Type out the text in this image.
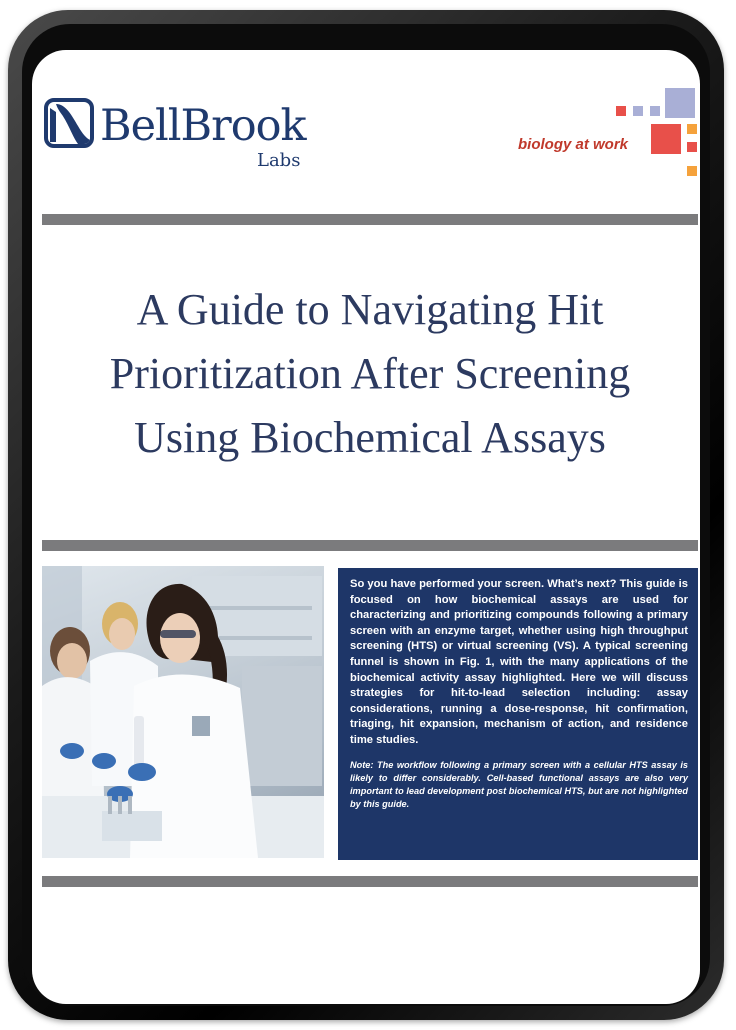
BellBrook
Labs
biology at work
A Guide to Navigating Hit
Prioritization After Screening
Using Biochemical Assays

So you have performed your screen. What’s next? This guide is focused on how biochemical assays are used for characterizing and prioritizing compounds following a primary screen with an enzyme target, whether using high throughput screening (HTS) or virtual screening (VS). A typical screening funnel is shown in Fig. 1, with the many applications of the biochemical activity assay highlighted. Here we will discuss strategies for hit-to-lead selection including: assay considerations, running a dose-response, hit confirmation, triaging, hit expansion, mechanism of action, and residence time studies.

Note: The workflow following a primary screen with a cellular HTS assay is likely to differ considerably. Cell-based functional assays are also very important to lead development post biochemical HTS, but are not highlighted by this guide.
